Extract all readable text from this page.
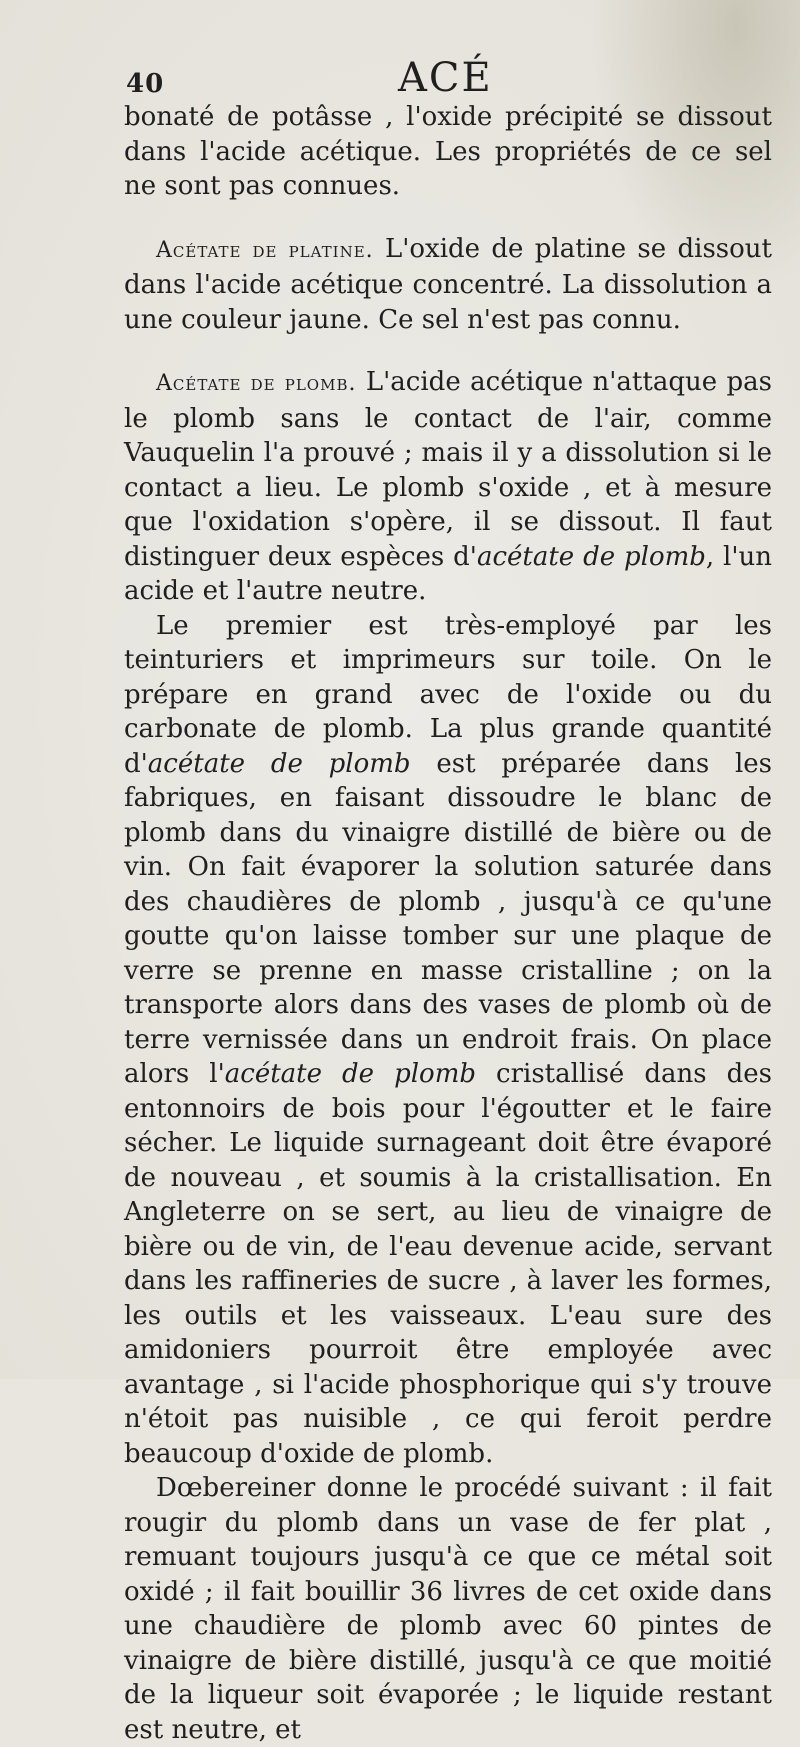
40	ACÉ

bonaté de potâsse , l'oxide précipité se dissout dans l'acide acétique. Les propriétés de ce sel ne sont pas connues.

Acétate de platine. L'oxide de platine se dissout dans l'acide acétique concentré. La dissolution a une couleur jaune. Ce sel n'est pas connu.

Acétate de plomb. L'acide acétique n'attaque pas le plomb sans le contact de l'air, comme Vauquelin l'a prouvé ; mais il y a dissolution si le contact a lieu. Le plomb s'oxide , et à mesure que l'oxidation s'opère, il se dissout. Il faut distinguer deux espèces d'acétate de plomb, l'un acide et l'autre neutre.

Le premier est très-employé par les teinturiers et imprimeurs sur toile. On le prépare en grand avec de l'oxide ou du carbonate de plomb. La plus grande quantité d'acétate de plomb est préparée dans les fabriques, en faisant dissoudre le blanc de plomb dans du vinaigre distillé de bière ou de vin. On fait évaporer la solution saturée dans des chaudières de plomb , jusqu'à ce qu'une goutte qu'on laisse tomber sur une plaque de verre se prenne en masse cristalline ; on la transporte alors dans des vases de plomb où de terre vernissée dans un endroit frais. On place alors l'acétate de plomb cristallisé dans des entonnoirs de bois pour l'égoutter et le faire sécher. Le liquide surnageant doit être évaporé de nouveau , et soumis à la cristallisation. En Angleterre on se sert, au lieu de vinaigre de bière ou de vin, de l'eau devenue acide, servant dans les raffineries de sucre , à laver les formes, les outils et les vaisseaux. L'eau sure des amidoniers pourroit être employée avec avantage , si l'acide phosphorique qui s'y trouve n'étoit pas nuisible , ce qui feroit perdre beaucoup d'oxide de plomb.

Dœbereiner donne le procédé suivant : il fait rougir du plomb dans un vase de fer plat , remuant toujours jusqu'à ce que ce métal soit oxidé ; il fait bouillir 36 livres de cet oxide dans une chaudière de plomb avec 60 pintes de vinaigre de bière distillé, jusqu'à ce que moitié de la liqueur soit évaporée ; le liquide restant est neutre, et
